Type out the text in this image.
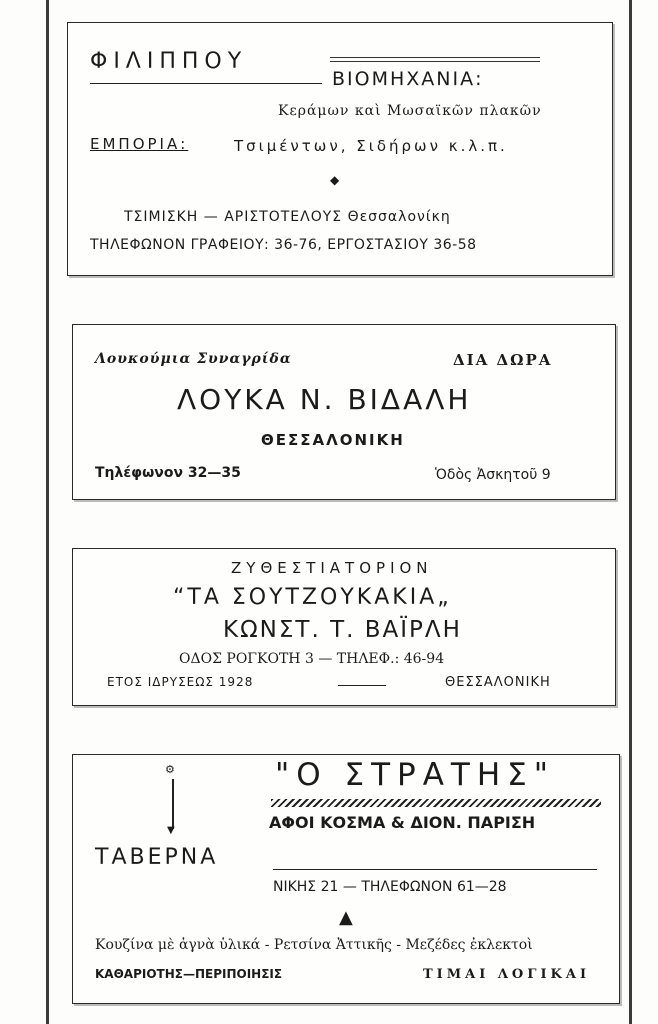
ΦΙΛΙΠΠΟΥ
ΒΙΟΜΗΧΑΝΙΑ:
Κεράμων καὶ Μωσαϊκῶν πλακῶν
ΕΜΠΟΡΙΑ:	Τσιμέντων, Σιδήρων κ.λ.π.
◆
ΤΣΙΜΙΣΚΗ — ΑΡΙΣΤΟΤΕΛΟΥΣ Θεσσαλονίκη
ΤΗΛΕΦΩΝΟΝ ΓΡΑΦΕΙΟΥ: 36-76, ΕΡΓΟΣΤΑΣΙΟΥ 36-58
Λουκούμια Συναγρίδα	ΔΙΑ ΔΩΡΑ
ΛΟΥΚΑ Ν. ΒΙΔΑΛΗ
ΘΕΣΣΑΛΟΝΙΚΗ
Τηλέφωνον 32—35	Ὁδὸς Ἀσκητοῦ 9
ΖΥΘΕΣΤΙΑΤΟΡΙΟΝ
“ΤΑ ΣΟΥΤΖΟΥΚΑΚΙΑ„
ΚΩΝΣΤ. Τ. ΒΑΪΡΛΗ
ΟΔΟΣ ΡΟΓΚΟΤΗ 3 — ΤΗΛΕΦ.: 46-94
ΕΤΟΣ ΙΔΡΥΣΕΩΣ 1928	ΘΕΣΣΑΛΟΝΙΚΗ
⚙
▼
"Ο ΣΤΡΑΤΗΣ"
ΑΦΟΙ ΚΟΣΜΑ & ΔΙΟΝ. ΠΑΡΙΣΗ
ΤΑΒΕΡΝΑ
ΝΙΚΗΣ 21 — ΤΗΛΕΦΩΝΟΝ 61—28
▲
Κουζίνα μὲ ἁγνὰ ὑλικά - Ρετσίνα Ἀττικῆς - Μεζέδες ἐκλεκτοὶ
ΚΑΘΑΡΙΟΤΗΣ—ΠΕΡΙΠΟΙΗΣΙΣ	ΤΙΜΑΙ ΛΟΓΙΚΑΙ
